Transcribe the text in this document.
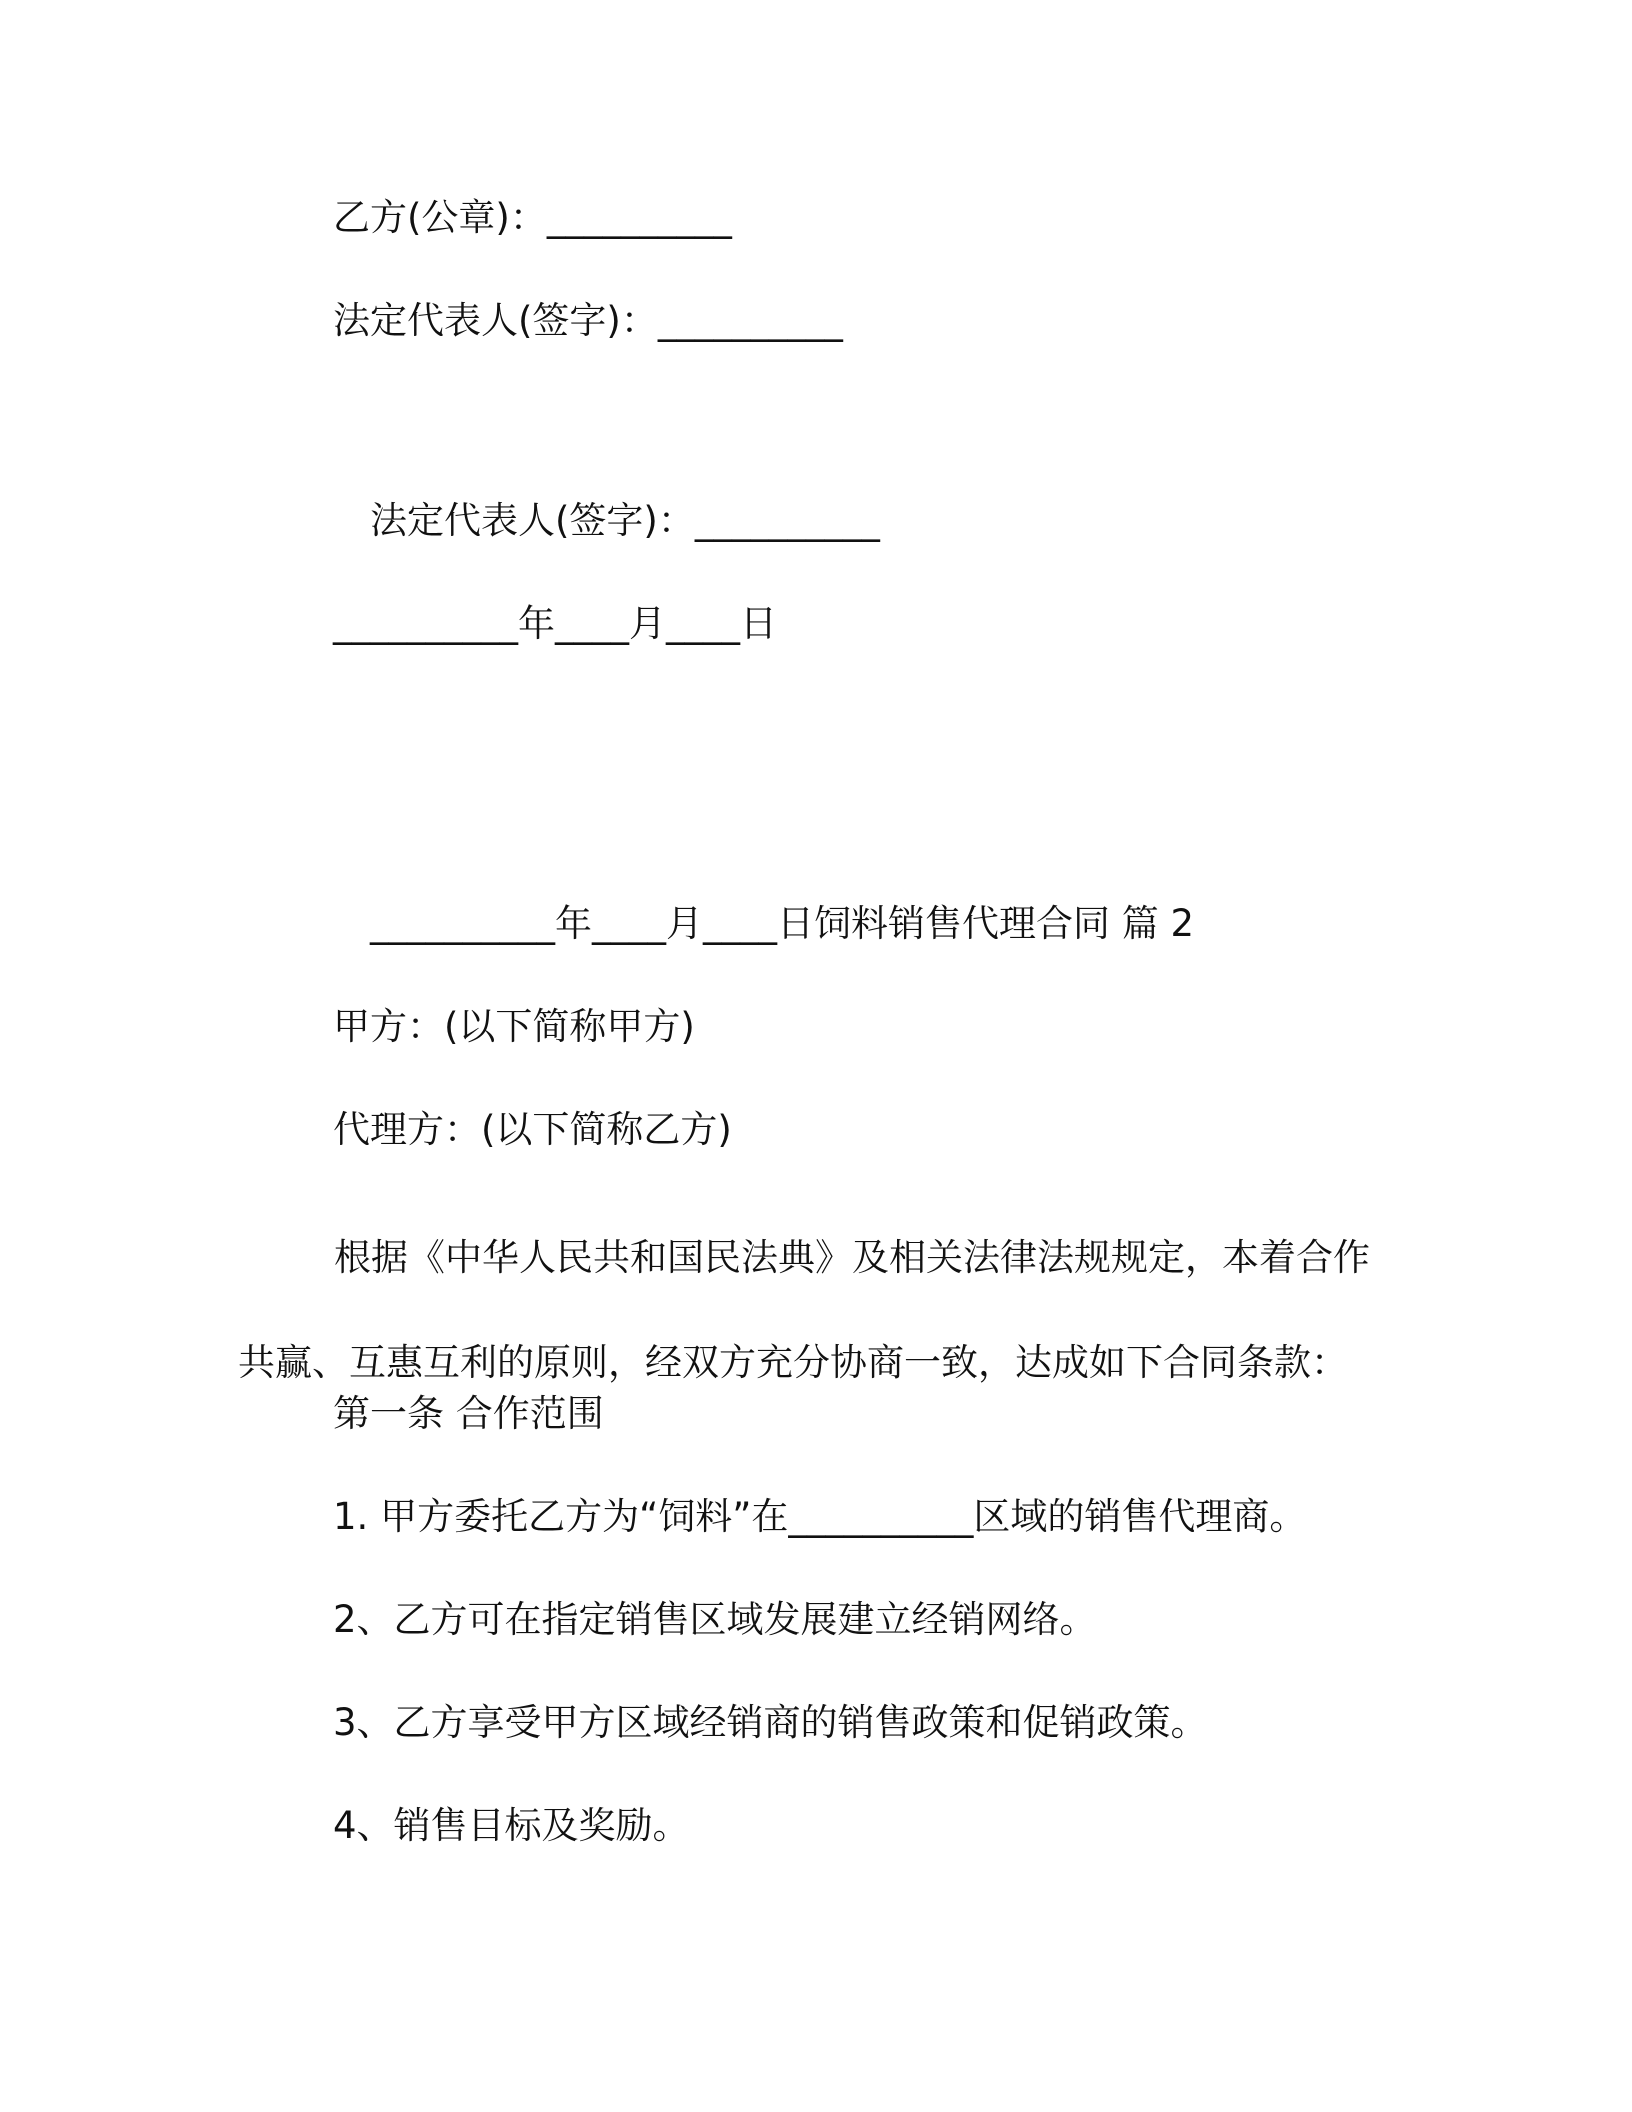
乙方(公章)：__________
法定代表人(签字)：__________
法定代表人(签字)：__________
__________年____月____日
__________年____月____日饲料销售代理合同 篇 2
甲方：(以下简称甲方)
代理方：(以下简称乙方)
根据《中华人民共和国民法典》及相关法律法规规定，本着合作共赢、互惠互利的原则，经双方充分协商一致，达成如下合同条款：
第一条 合作范围
1. 甲方委托乙方为“饲料”在__________区域的销售代理商。
2、乙方可在指定销售区域发展建立经销网络。
3、乙方享受甲方区域经销商的销售政策和促销政策。
4、销售目标及奖励。
